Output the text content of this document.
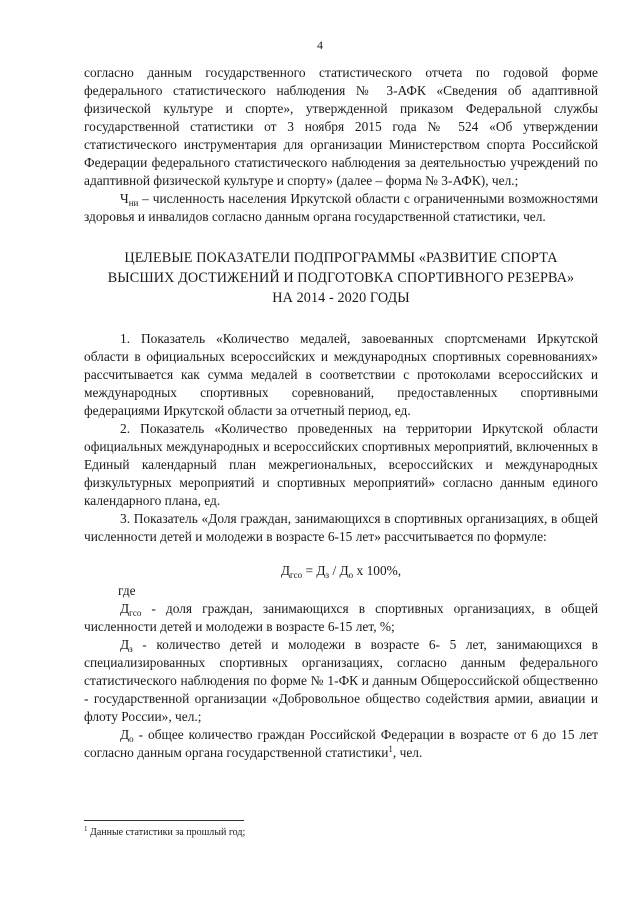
4

согласно данным государственного статистического отчета по годовой форме федерального статистического наблюдения № 3-АФК «Сведения об адаптивной физической культуре и спорте», утвержденной приказом Федеральной службы государственной статистики от 3 ноября 2015 года № 524 «Об утверждении статистического инструментария для организации Министерством спорта Российской Федерации федерального статистического наблюдения за деятельностью учреждений по адаптивной физической культуре и спорту» (далее – форма № 3-АФК), чел.;

$Ч_{ни}$ – численность населения Иркутской области с ограниченными возможностями здоровья и инвалидов согласно данным органа государственной статистики, чел.

ЦЕЛЕВЫЕ ПОКАЗАТЕЛИ ПОДПРОГРАММЫ «РАЗВИТИЕ СПОРТА
ВЫСШИХ ДОСТИЖЕНИЙ И ПОДГОТОВКА СПОРТИВНОГО РЕЗЕРВА»
НА 2014 - 2020 ГОДЫ

1. Показатель «Количество медалей, завоеванных спортсменами Иркутской области в официальных всероссийских и международных спортивных соревнованиях» рассчитывается как сумма медалей в соответствии с протоколами всероссийских и международных спортивных соревнований, предоставленных спортивными федерациями Иркутской области за отчетный период, ед.

2. Показатель «Количество проведенных на территории Иркутской области официальных международных и всероссийских спортивных мероприятий, включенных в Единый календарный план межрегиональных, всероссийских и международных физкультурных мероприятий и спортивных мероприятий» согласно данным единого календарного плана, ед.

3. Показатель «Доля граждан, занимающихся в спортивных организациях, в общей численности детей и молодежи в возрасте 6-15 лет» рассчитывается по формуле:

$Д_{гсо} = Д_з / Д_о$ х 100%,

где

$Д_{гсо}$ - доля граждан, занимающихся в спортивных организациях, в общей численности детей и молодежи в возрасте 6-15 лет, %;

$Д_з$ - количество детей и молодежи в возрасте 6- 5 лет, занимающихся в специализированных спортивных организациях, согласно данным федерального статистического наблюдения по форме № 1-ФК и данным Общероссийской общественно - государственной организации «Добровольное общество содействия армии, авиации и флоту России», чел.;

$Д_о$ - общее количество граждан Российской Федерации в возрасте от 6 до 15 лет согласно данным органа государственной статистики$^1$, чел.

$^1$ Данные статистики за прошлый год;
